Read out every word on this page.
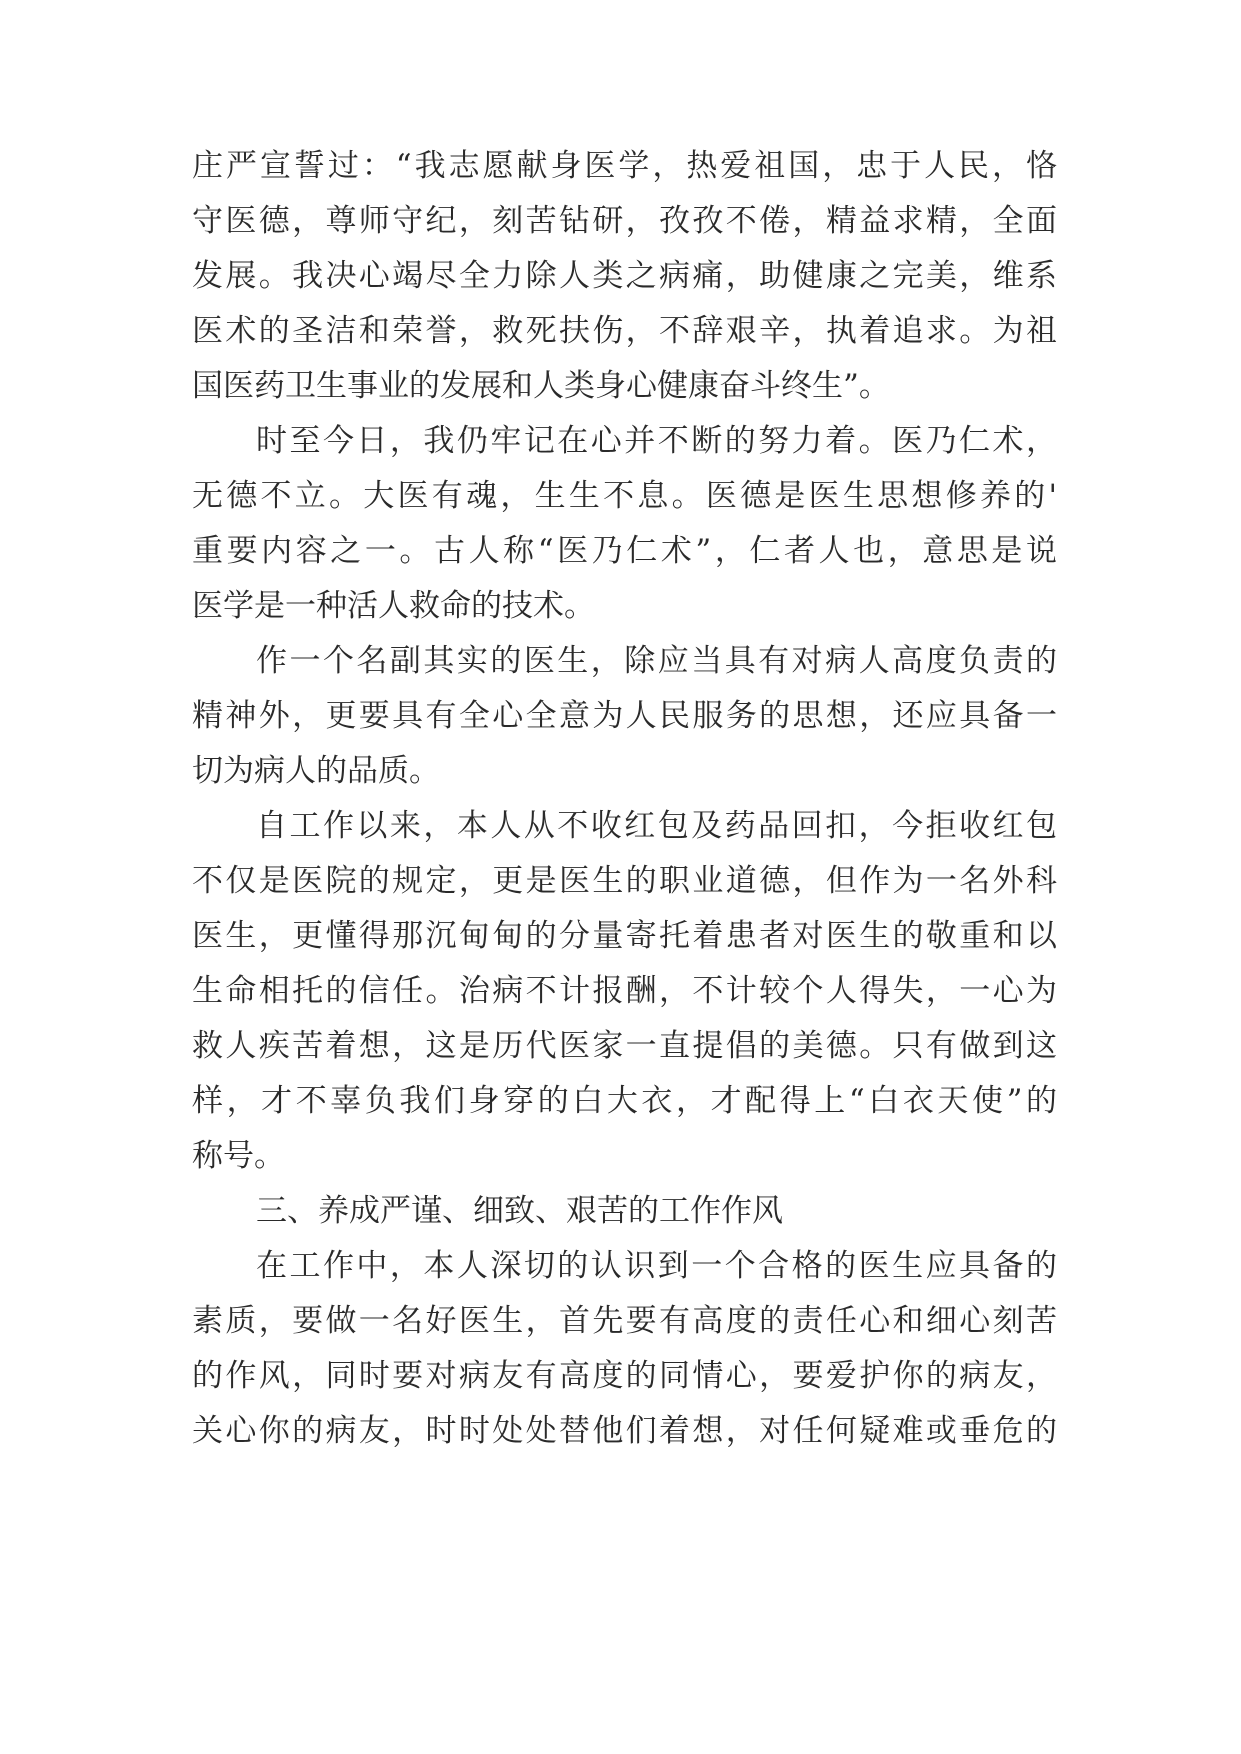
庄严宣誓过：“我志愿献身医学，热爱祖国，忠于人民，恪

守医德，尊师守纪，刻苦钻研，孜孜不倦，精益求精，全面

发展。我决心竭尽全力除人类之病痛，助健康之完美，维系

医术的圣洁和荣誉，救死扶伤，不辞艰辛，执着追求。为祖

国医药卫生事业的发展和人类身心健康奋斗终生”。

时至今日，我仍牢记在心并不断的努力着。医乃仁术，

无德不立。大医有魂，生生不息。医德是医生思想修养的'

重要内容之一。古人称“医乃仁术”，仁者人也，意思是说

医学是一种活人救命的技术。

作一个名副其实的医生，除应当具有对病人高度负责的

精神外，更要具有全心全意为人民服务的思想，还应具备一

切为病人的品质。

自工作以来，本人从不收红包及药品回扣，今拒收红包

不仅是医院的规定，更是医生的职业道德，但作为一名外科

医生，更懂得那沉甸甸的分量寄托着患者对医生的敬重和以

生命相托的信任。治病不计报酬，不计较个人得失，一心为

救人疾苦着想，这是历代医家一直提倡的美德。只有做到这

样，才不辜负我们身穿的白大衣，才配得上“白衣天使”的

称号。

三、养成严谨、细致、艰苦的工作作风

在工作中，本人深切的认识到一个合格的医生应具备的

素质，要做一名好医生，首先要有高度的责任心和细心刻苦

的作风，同时要对病友有高度的同情心，要爱护你的病友，

关心你的病友，时时处处替他们着想，对任何疑难或垂危的
